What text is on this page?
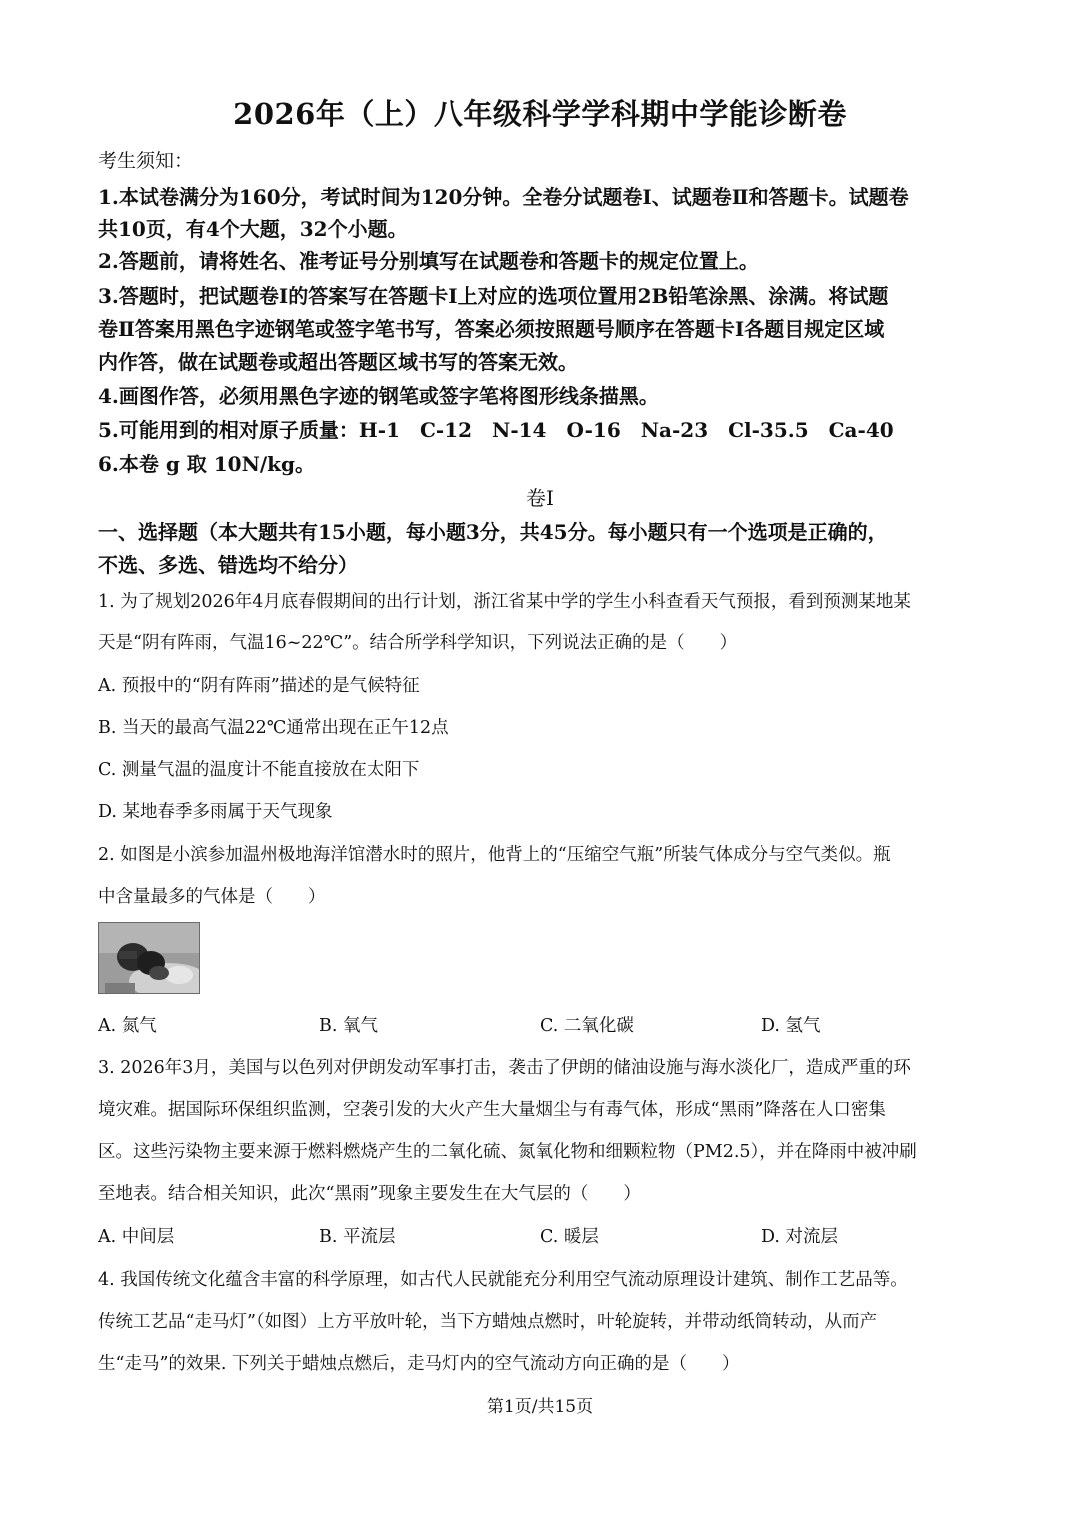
2026年（上）八年级科学学科期中学能诊断卷
考生须知：
1.本试卷满分为160分，考试时间为120分钟。全卷分试题卷Ⅰ、试题卷Ⅱ和答题卡。试题卷
共10页，有4个大题，32个小题。
2.答题前，请将姓名、准考证号分别填写在试题卷和答题卡的规定位置上。
3.答题时，把试题卷Ⅰ的答案写在答题卡Ⅰ上对应的选项位置用2B铅笔涂黑、涂满。将试题
卷Ⅱ答案用黑色字迹钢笔或签字笔书写，答案必须按照题号顺序在答题卡Ⅰ各题目规定区域
内作答，做在试题卷或超出答题区域书写的答案无效。
4.画图作答，必须用黑色字迹的钢笔或签字笔将图形线条描黑。
5.可能用到的相对原子质量：H-1　C-12　N-14　O-16　Na-23　Cl-35.5　Ca-40
6.本卷 g 取 10N/kg。
卷Ⅰ
一、选择题（本大题共有15小题，每小题3分，共45分。每小题只有一个选项是正确的，
不选、多选、错选均不给分）
1. 为了规划2026年4月底春假期间的出行计划，浙江省某中学的学生小科查看天气预报，看到预测某地某
天是“阴有阵雨，气温16~22℃”。结合所学科学知识，下列说法正确的是（　　）
A. 预报中的“阴有阵雨”描述的是气候特征
B. 当天的最高气温22℃通常出现在正午12点
C. 测量气温的温度计不能直接放在太阳下
D. 某地春季多雨属于天气现象
2. 如图是小滨参加温州极地海洋馆潜水时的照片，他背上的“压缩空气瓶”所装气体成分与空气类似。瓶
中含量最多的气体是（　　）
A. 氮气	B. 氧气	C. 二氧化碳	D. 氢气
3. 2026年3月，美国与以色列对伊朗发动军事打击，袭击了伊朗的储油设施与海水淡化厂，造成严重的环
境灾难。据国际环保组织监测，空袭引发的大火产生大量烟尘与有毒气体，形成“黑雨”降落在人口密集
区。这些污染物主要来源于燃料燃烧产生的二氧化硫、氮氧化物和细颗粒物（PM2.5），并在降雨中被冲刷
至地表。结合相关知识，此次“黑雨”现象主要发生在大气层的（　　）
A. 中间层	B. 平流层	C. 暖层	D. 对流层
4. 我国传统文化蕴含丰富的科学原理，如古代人民就能充分利用空气流动原理设计建筑、制作工艺品等。
传统工艺品“走马灯”（如图）上方平放叶轮，当下方蜡烛点燃时，叶轮旋转，并带动纸筒转动，从而产
生“走马”的效果. 下列关于蜡烛点燃后，走马灯内的空气流动方向正确的是（　　）
第1页/共15页
